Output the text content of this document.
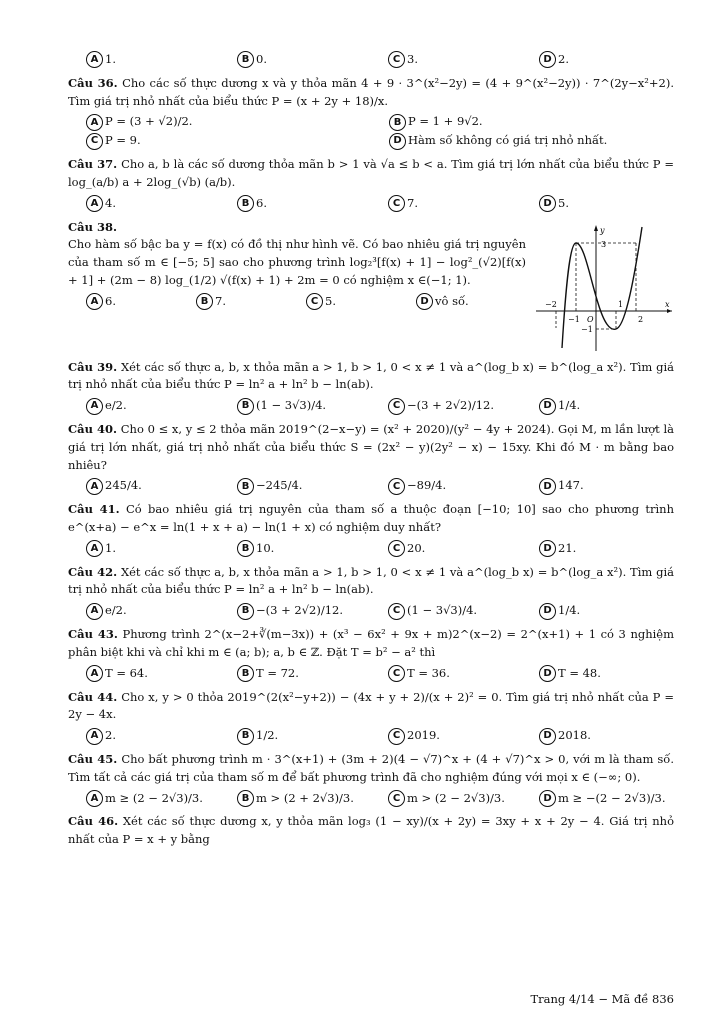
A 1.	B 0.	C 3.	D 2.
Câu 36. Cho các số thực dương x và y thỏa mãn 4 + 9 · 3^(x²−2y) = (4 + 9^(x²−2y)) · 7^(2y−x²+2). Tìm giá trị nhỏ nhất của biểu thức P = (x + 2y + 18)/x.
A P = (3 + √2)/2.	B P = 1 + 9√2.
C P = 9.	D Hàm số không có giá trị nhỏ nhất.
Câu 37. Cho a, b là các số dương thỏa mãn b > 1 và √a ≤ b < a. Tìm giá trị lớn nhất của biểu thức P = log_(a/b) a + 2log_(√b) (a/b).
A 4.	B 6.	C 7.	D 5.
Câu 38.
Cho hàm số bậc ba y = f(x) có đồ thị như hình vẽ. Có bao nhiêu giá trị nguyên của tham số m ∈ [−5; 5] sao cho phương trình log₂³[f(x) + 1] − log²_(√2)[f(x) + 1] + (2m − 8) log_(1/2) √(f(x) + 1) + 2m = 0 có nghiệm x ∈(−1; 1).
A 6.	B 7.	C 5.	D vô số.
y
x
3
−2
−1 O
1
2
−1
Câu 39. Xét các số thực a, b, x thỏa mãn a > 1, b > 1, 0 < x ≠ 1 và a^(log_b x) = b^(log_a x²). Tìm giá trị nhỏ nhất của biểu thức P = ln² a + ln² b − ln(ab).
A e/2.	B (1 − 3√3)/4.	C −(3 + 2√2)/12.	D 1/4.
Câu 40. Cho 0 ≤ x, y ≤ 2 thỏa mãn 2019^(2−x−y) = (x² + 2020)/(y² − 4y + 2024). Gọi M, m lần lượt là giá trị lớn nhất, giá trị nhỏ nhất của biểu thức S = (2x² − y)(2y² − x) − 15xy. Khi đó M · m bằng bao nhiêu?
A 245/4.	B −245/4.	C −89/4.	D 147.
Câu 41. Có bao nhiêu giá trị nguyên của tham số a thuộc đoạn [−10; 10] sao cho phương trình e^(x+a) − e^x = ln(1 + x + a) − ln(1 + x) có nghiệm duy nhất?
A 1.	B 10.	C 20.	D 21.
Câu 42. Xét các số thực a, b, x thỏa mãn a > 1, b > 1, 0 < x ≠ 1 và a^(log_b x) = b^(log_a x²). Tìm giá trị nhỏ nhất của biểu thức P = ln² a + ln² b − ln(ab).
A e/2.	B −(3 + 2√2)/12.	C (1 − 3√3)/4.	D 1/4.
Câu 43. Phương trình 2^(x−2+∛(m−3x)) + (x³ − 6x² + 9x + m)2^(x−2) = 2^(x+1) + 1 có 3 nghiệm phân biệt khi và chỉ khi m ∈ (a; b); a, b ∈ ℤ. Đặt T = b² − a² thì
A T = 64.	B T = 72.	C T = 36.	D T = 48.
Câu 44. Cho x, y > 0 thỏa 2019^(2(x²−y+2)) − (4x + y + 2)/(x + 2)² = 0. Tìm giá trị nhỏ nhất của P = 2y − 4x.
A 2.	B 1/2.	C 2019.	D 2018.
Câu 45. Cho bất phương trình m · 3^(x+1) + (3m + 2)(4 − √7)^x + (4 + √7)^x > 0, với m là tham số. Tìm tất cả các giá trị của tham số m để bất phương trình đã cho nghiệm đúng với mọi x ∈ (−∞; 0).
A m ≥ (2 − 2√3)/3.	B m > (2 + 2√3)/3.	C m > (2 − 2√3)/3.	D m ≥ −(2 − 2√3)/3.
Câu 46. Xét các số thực dương x, y thỏa mãn log₃ (1 − xy)/(x + 2y) = 3xy + x + 2y − 4. Giá trị nhỏ nhất của P = x + y bằng
Trang 4/14 − Mã đề 836
